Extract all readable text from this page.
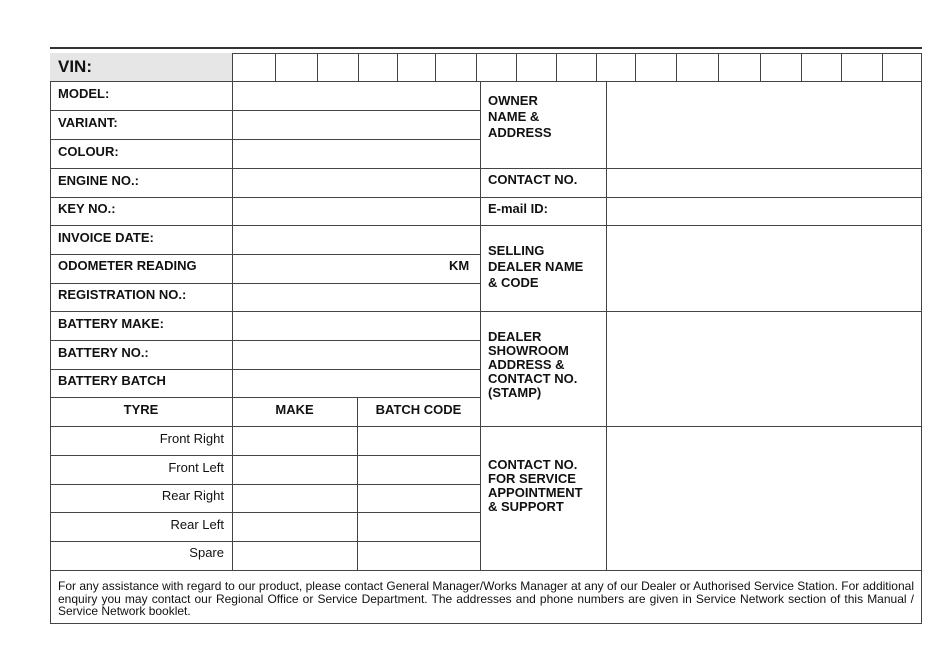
VIN:
MODEL:
VARIANT:
COLOUR:
ENGINE NO.:
KEY NO.:
INVOICE DATE:
ODOMETER READING	KM
REGISTRATION NO.:
BATTERY MAKE:
BATTERY NO.:
BATTERY BATCH
TYRE	MAKE	BATCH CODE
Front Right
Front Left
Rear Right
Rear Left
Spare
OWNER
NAME &
ADDRESS
CONTACT NO.
E-mail ID:
SELLING
DEALER NAME
& CODE
DEALER
SHOWROOM
ADDRESS &
CONTACT NO.
(STAMP)
CONTACT NO.
FOR SERVICE
APPOINTMENT
& SUPPORT
For any assistance with regard to our product, please contact General Manager/Works Manager at any of our Dealer or Authorised Service Station. For additional enquiry you may contact our Regional Office or Service Department. The addresses and phone numbers are given in Service Network section of this Manual / Service Network booklet.
